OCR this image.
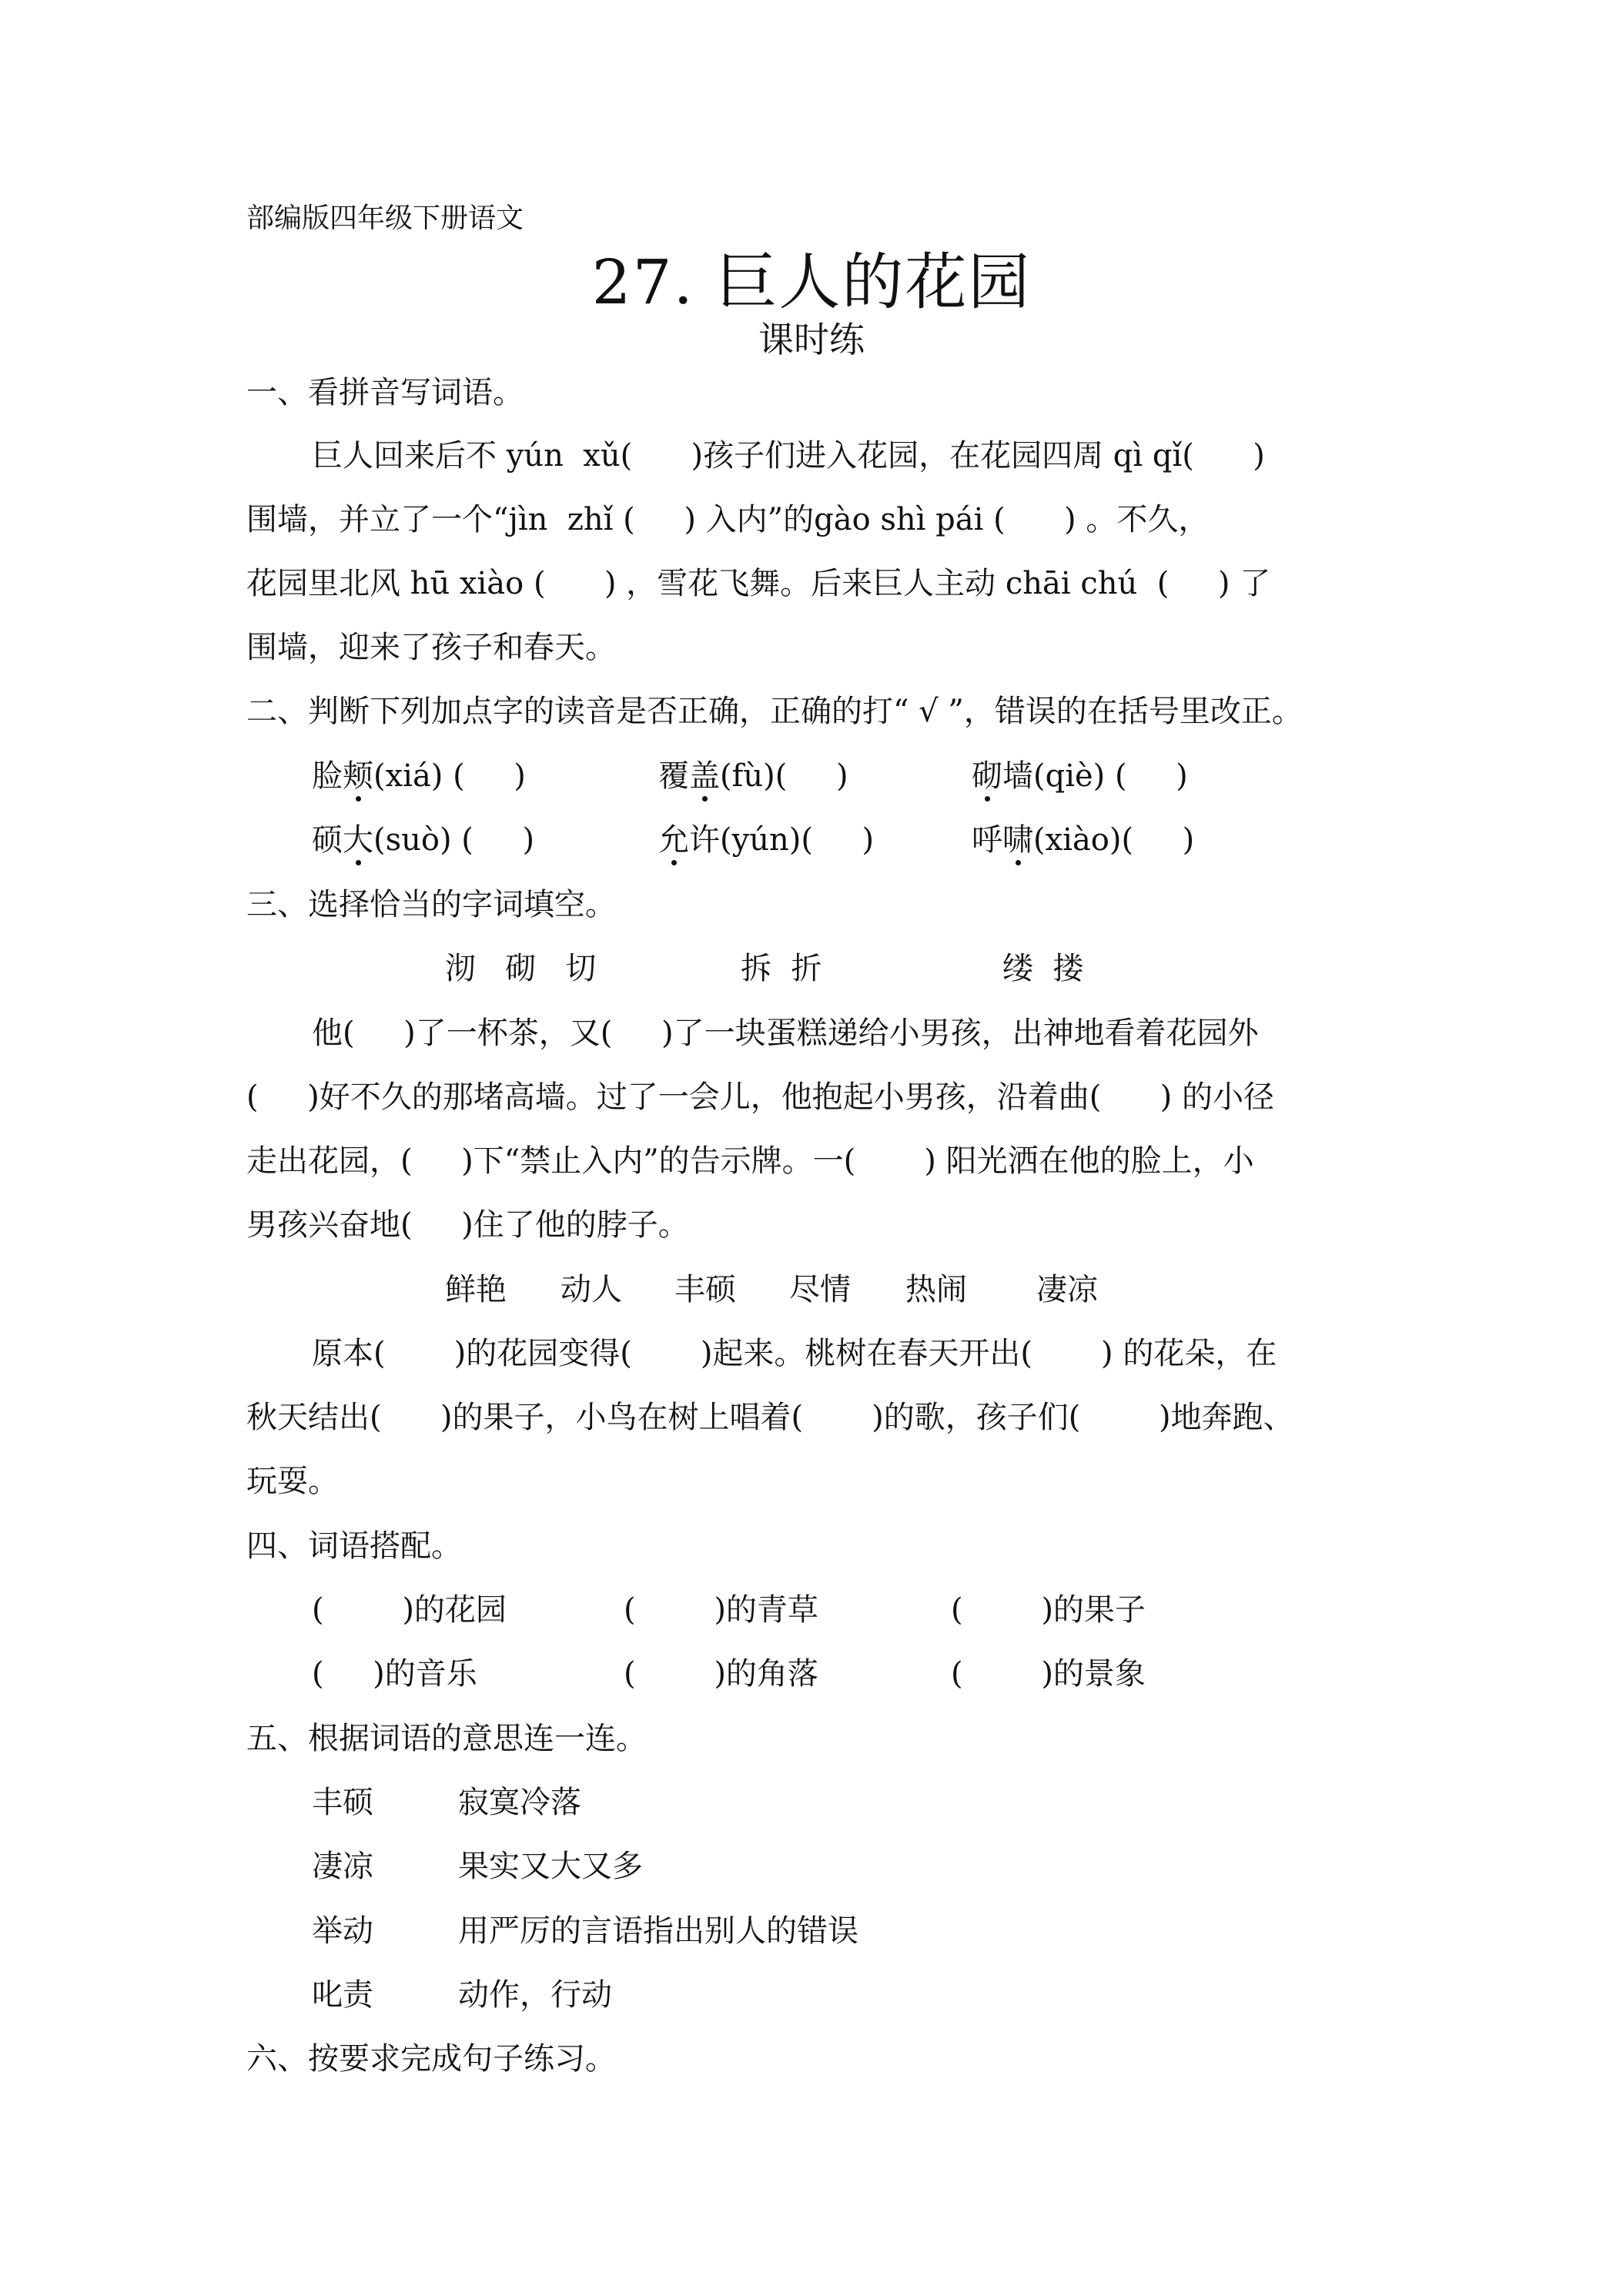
部编版四年级下册语文
27. 巨人的花园
课时练
一、看拼音写词语。
巨人回来后不 yún  xǔ(      )孩子们进入花园，在花园四周 qì qǐ(      )
围墙，并立了一个“jìn  zhǐ (     ) 入内”的gào shì pái (      ) 。不久，
花园里北风 hū xiào (      ) ，雪花飞舞。后来巨人主动 chāi chú  (     ) 了
围墙，迎来了孩子和春天。
二、判断下列加点字的读音是否正确，正确的打“ √ ”，错误的在括号里改正。
脸颊(xiá) (     )	覆盖(fù)(     )	砌墙(qiè) (     )
硕大(suò) (     )	允许(yún)(     )	呼啸(xiào)(     )
三、选择恰当的字词填空。
沏   砌   切	拆  折	缕  搂
他(     )了一杯茶，又(     )了一块蛋糕递给小男孩，出神地看着花园外
(     )好不久的那堵高墙。过了一会儿，他抱起小男孩，沿着曲(      ) 的小径
走出花园，(     )下“禁止入内”的告示牌。一(       ) 阳光洒在他的脸上，小
男孩兴奋地(     )住了他的脖子。
鲜艳 动人 丰硕 尽情 热闹 凄凉
原本(       )的花园变得(       )起来。桃树在春天开出(       ) 的花朵，在
秋天结出(      )的果子，小鸟在树上唱着(       )的歌，孩子们(        )地奔跑、
玩耍。
四、词语搭配。
(        )的花园	(        )的青草	(        )的果子
(     )的音乐	(        )的角落	(        )的景象
五、根据词语的意思连一连。
丰硕	寂寞冷落
凄凉	果实又大又多
举动	用严厉的言语指出别人的错误
叱责	动作，行动
六、按要求完成句子练习。
